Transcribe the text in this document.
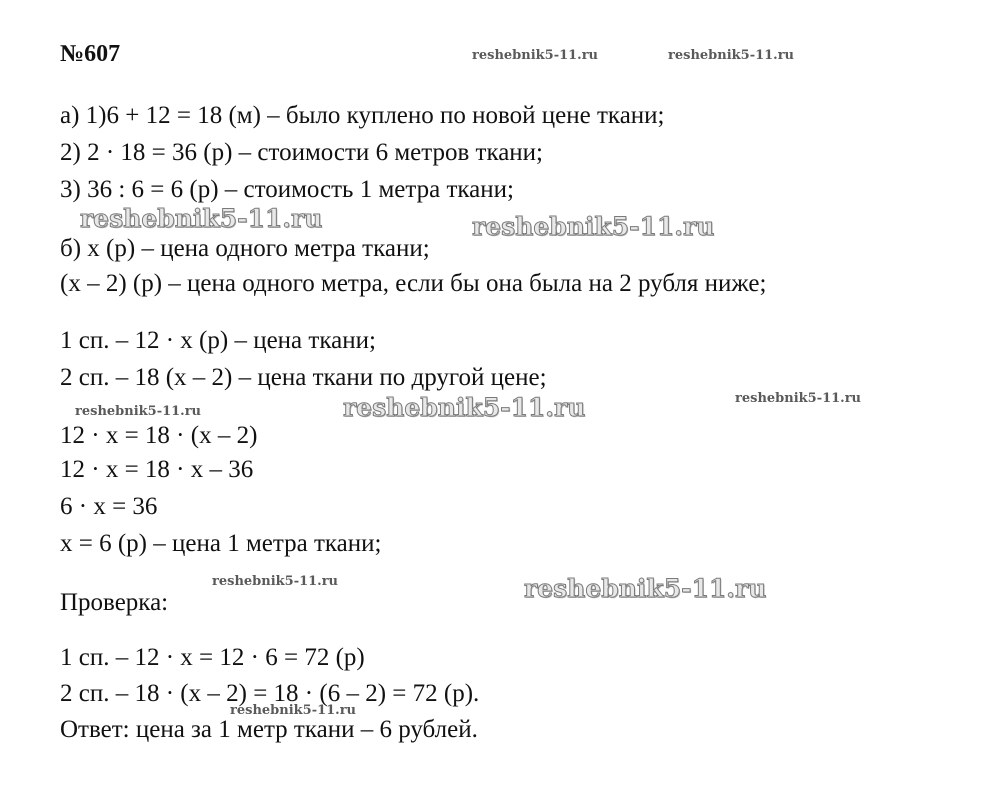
№607
а) 1)6 + 12 = 18 (м) – было куплено по новой цене ткани;
2) 2 · 18 = 36 (р) – стоимости 6 метров ткани;
3) 36 : 6 = 6 (р) – стоимость 1 метра ткани;
б) х (р) – цена одного метра ткани;
(х – 2) (р) – цена одного метра, если бы она была на 2 рубля ниже;
1 сп. – 12 · х (р) – цена ткани;
2 сп. – 18 (х – 2) – цена ткани по другой цене;
12 · х = 18 · (х – 2)
12 · х = 18 · х – 36
6 · х = 36
х = 6 (р) – цена 1 метра ткани;
Проверка:
1 сп. – 12 · х = 12 · 6 = 72 (р)
2 сп. – 18 · (х – 2) = 18 · (6 – 2) = 72 (р).
Ответ: цена за 1 метр ткани – 6 рублей.
reshebnik5-11.ru	reshebnik5-11.ru
reshebnik5-11.ru	reshebnik5-11.ru
reshebnik5-11.ru
reshebnik5-11.ru	reshebnik5-11.ru
reshebnik5-11.ru	reshebnik5-11.ru
reshebnik5-11.ru
